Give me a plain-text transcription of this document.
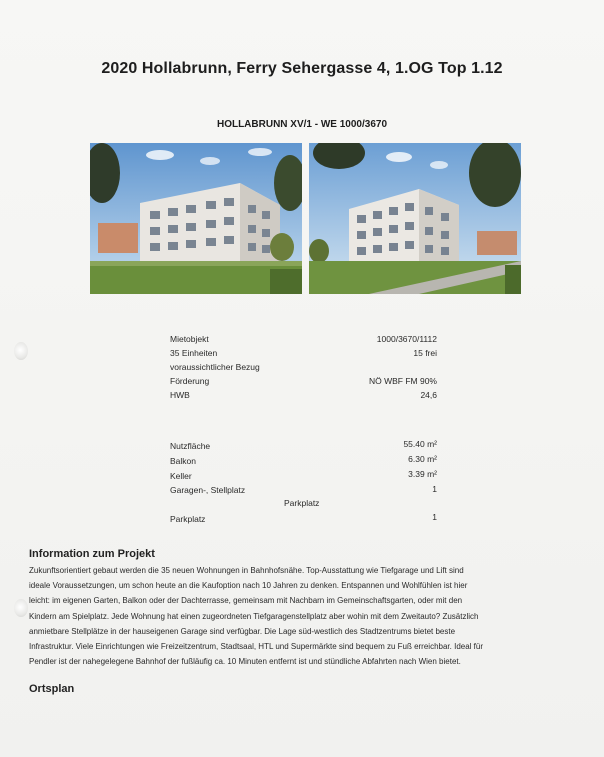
2020 Hollabrunn, Ferry Sehergasse 4, 1.OG Top 1.12
HOLLABRUNN XV/1 - WE 1000/3670
Mietobjekt	1000/3670/1112
35 Einheiten	15 frei
voraussichtlicher Bezug
Förderung	NÖ WBF FM 90%
HWB	24,6
Nutzfläche	55.40 m²
Balkon	6.30 m²
Keller	3.39 m²
Garagen-, Stellplatz	1
Parkplatz
Parkplatz	1
Information zum Projekt
Zukunftsorientiert gebaut werden die 35 neuen Wohnungen in Bahnhofsnähe. Top-Ausstattung wie Tiefgarage und Lift sind
ideale Voraussetzungen, um schon heute an die Kaufoption nach 10 Jahren zu denken. Entspannen und Wohlfühlen ist hier
leicht: im eigenen Garten, Balkon oder der Dachterrasse, gemeinsam mit Nachbarn im Gemeinschaftsgarten, oder mit den
Kindern am Spielplatz. Jede Wohnung hat einen zugeordneten Tiefgaragenstellplatz aber wohin mit dem Zweitauto? Zusätzlich
anmietbare Stellplätze in der hauseigenen Garage sind verfügbar. Die Lage süd-westlich des Stadtzentrums bietet beste
Infrastruktur. Viele Einrichtungen wie Freizeitzentrum, Stadtsaal, HTL und Supermärkte sind bequem zu Fuß erreichbar. Ideal für
Pendler ist der nahegelegene Bahnhof der fußläufig ca. 10 Minuten entfernt ist und stündliche Abfahrten nach Wien bietet.
Ortsplan
